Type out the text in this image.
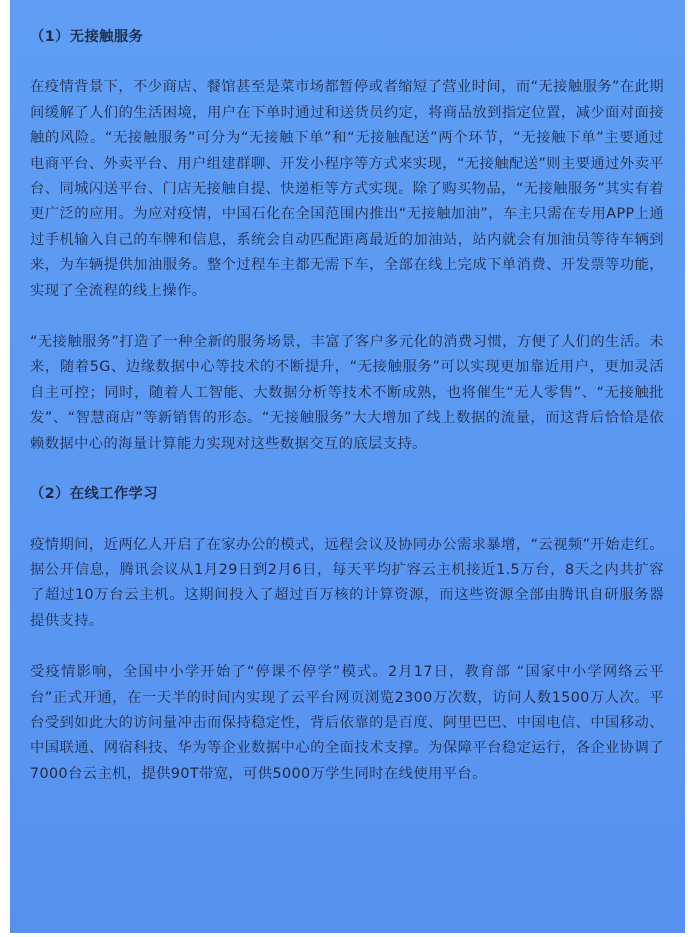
（1）无接触服务

在疫情背景下，不少商店、餐馆甚至是菜市场都暂停或者缩短了营业时间，而“无接触服务”在此期间缓解了人们的生活困境，用户在下单时通过和送货员约定，将商品放到指定位置，减少面对面接触的风险。“无接触服务”可分为“无接触下单”和“无接触配送”两个环节，“无接触下单”主要通过电商平台、外卖平台、用户组建群聊、开发小程序等方式来实现，“无接触配送”则主要通过外卖平台、同城闪送平台、门店无接触自提、快递柜等方式实现。除了购买物品，“无接触服务”其实有着更广泛的应用。为应对疫情，中国石化在全国范围内推出“无接触加油”，车主只需在专用APP上通过手机输入自己的车牌和信息，系统会自动匹配距离最近的加油站，站内就会有加油员等待车辆到来，为车辆提供加油服务。整个过程车主都无需下车，全部在线上完成下单消费、开发票等功能，实现了全流程的线上操作。

“无接触服务”打造了一种全新的服务场景，丰富了客户多元化的消费习惯，方便了人们的生活。未来，随着5G、边缘数据中心等技术的不断提升，“无接触服务”可以实现更加靠近用户，更加灵活自主可控；同时，随着人工智能、大数据分析等技术不断成熟，也将催生“无人零售”、“无接触批发”、“智慧商店”等新销售的形态。“无接触服务”大大增加了线上数据的流量，而这背后恰恰是依赖数据中心的海量计算能力实现对这些数据交互的底层支持。

（2）在线工作学习

疫情期间，近两亿人开启了在家办公的模式，远程会议及协同办公需求暴增，“云视频”开始走红。据公开信息，腾讯会议从1月29日到2月6日，每天平均扩容云主机接近1.5万台，8天之内共扩容了超过10万台云主机。这期间投入了超过百万核的计算资源，而这些资源全部由腾讯自研服务器提供支持。

受疫情影响，全国中小学开始了“停课不停学”模式。2月17日，教育部 “国家中小学网络云平台”正式开通，在一天半的时间内实现了云平台网页浏览2300万次数，访问人数1500万人次。平台受到如此大的访问量冲击而保持稳定性，背后依靠的是百度、阿里巴巴、中国电信、中国移动、中国联通、网宿科技、华为等企业数据中心的全面技术支撑。为保障平台稳定运行，各企业协调了7000台云主机，提供90T带宽，可供5000万学生同时在线使用平台。
